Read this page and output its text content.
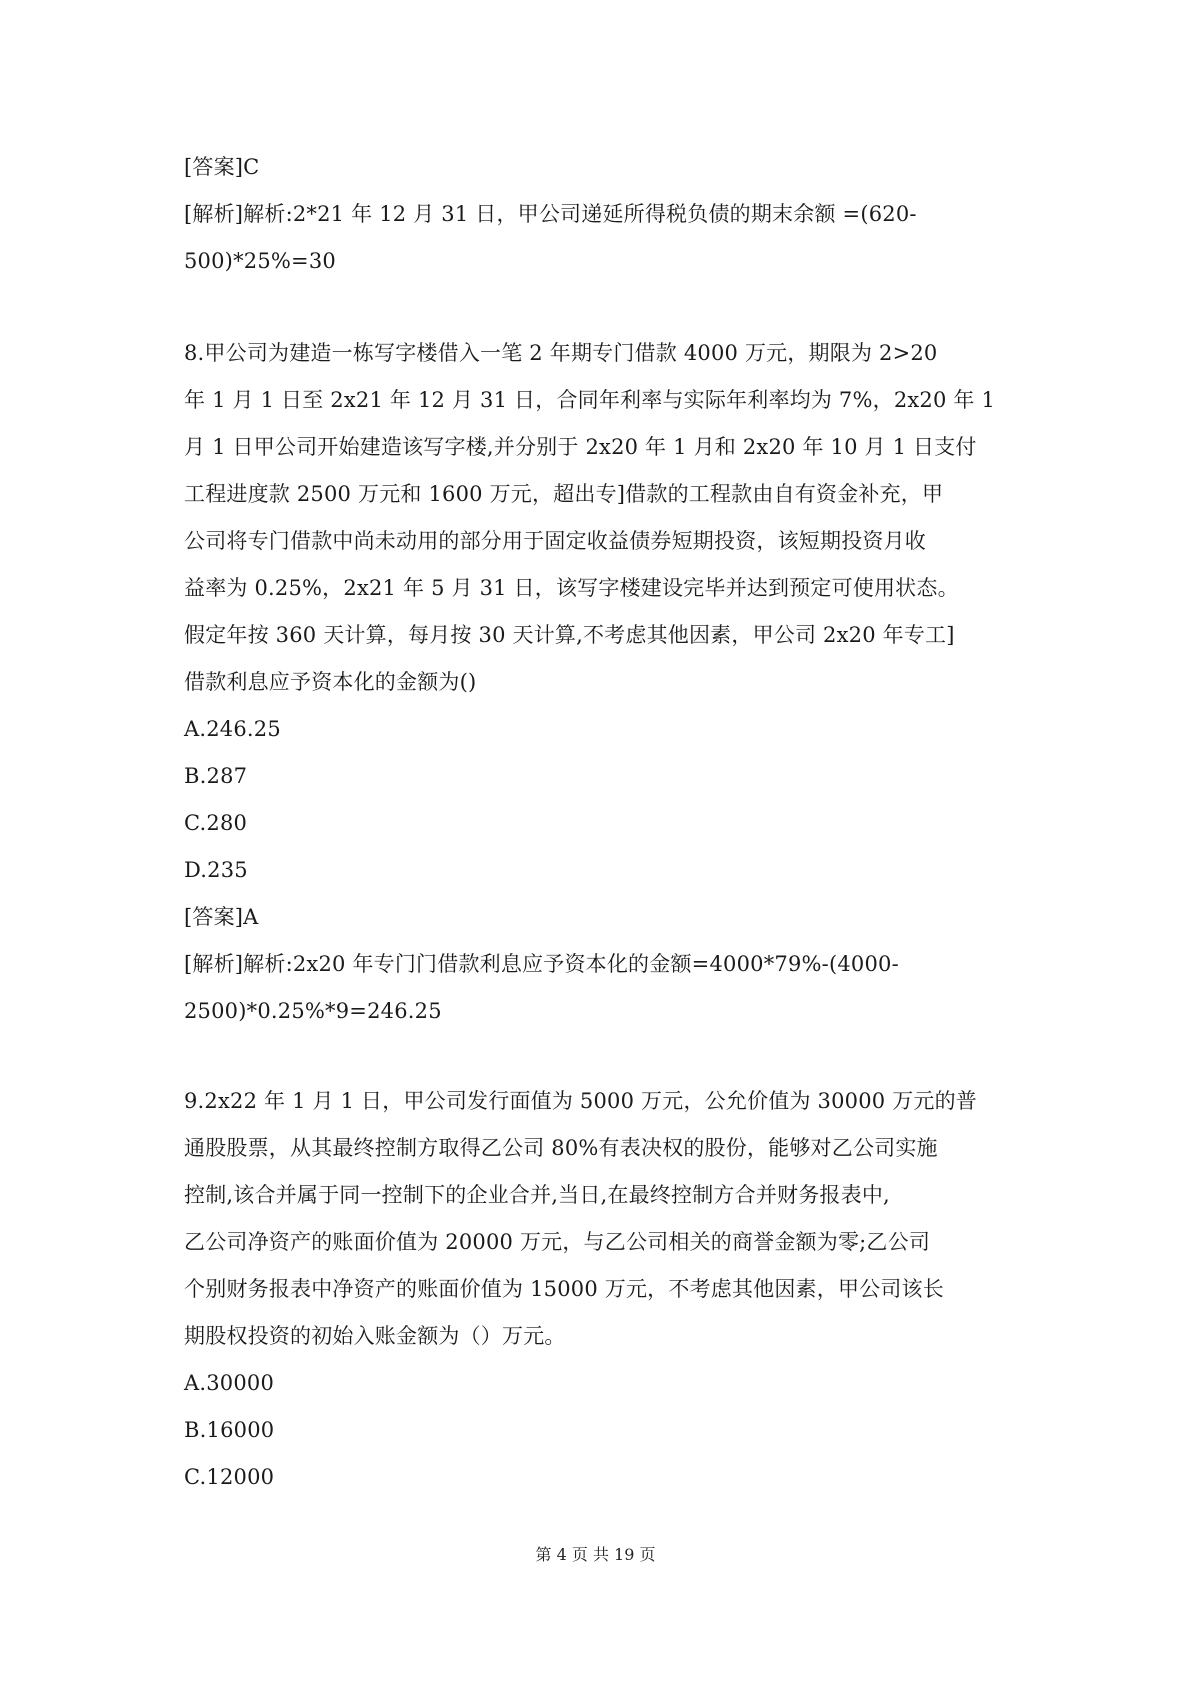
[答案]C
[解析]解析:2*21 年 12 月 31 日，甲公司递延所得税负债的期末余额 =(620-
500)*25%=30
8.甲公司为建造一栋写字楼借入一笔 2 年期专门借款 4000 万元，期限为 2>20
年 1 月 1 日至 2x21 年 12 月 31 日，合同年利率与实际年利率均为 7%，2x20 年 1
月 1 日甲公司开始建造该写字楼,并分别于 2x20 年 1 月和 2x20 年 10 月 1 日支付
工程进度款 2500 万元和 1600 万元，超出专]借款的工程款由自有资金补充，甲
公司将专门借款中尚未动用的部分用于固定收益债券短期投资，该短期投资月收
益率为 0.25%，2x21 年 5 月 31 日，该写字楼建设完毕并达到预定可使用状态。
假定年按 360 天计算，每月按 30 天计算,不考虑其他因素，甲公司 2x20 年专工]
借款利息应予资本化的金额为()
A.246.25
B.287
C.280
D.235
[答案]A
[解析]解析:2x20 年专门门借款利息应予资本化的金额=4000*79%-(4000-
2500)*0.25%*9=246.25
9.2x22 年 1 月 1 日，甲公司发行面值为 5000 万元，公允价值为 30000 万元的普
通股股票，从其最终控制方取得乙公司 80%有表决权的股份，能够对乙公司实施
控制,该合并属于同一控制下的企业合并,当日,在最终控制方合并财务报表中,
乙公司净资产的账面价值为 20000 万元，与乙公司相关的商誉金额为零;乙公司
个别财务报表中净资产的账面价值为 15000 万元，不考虑其他因素，甲公司该长
期股权投资的初始入账金额为（）万元。
A.30000
B.16000
C.12000
第 4 页 共 19 页
